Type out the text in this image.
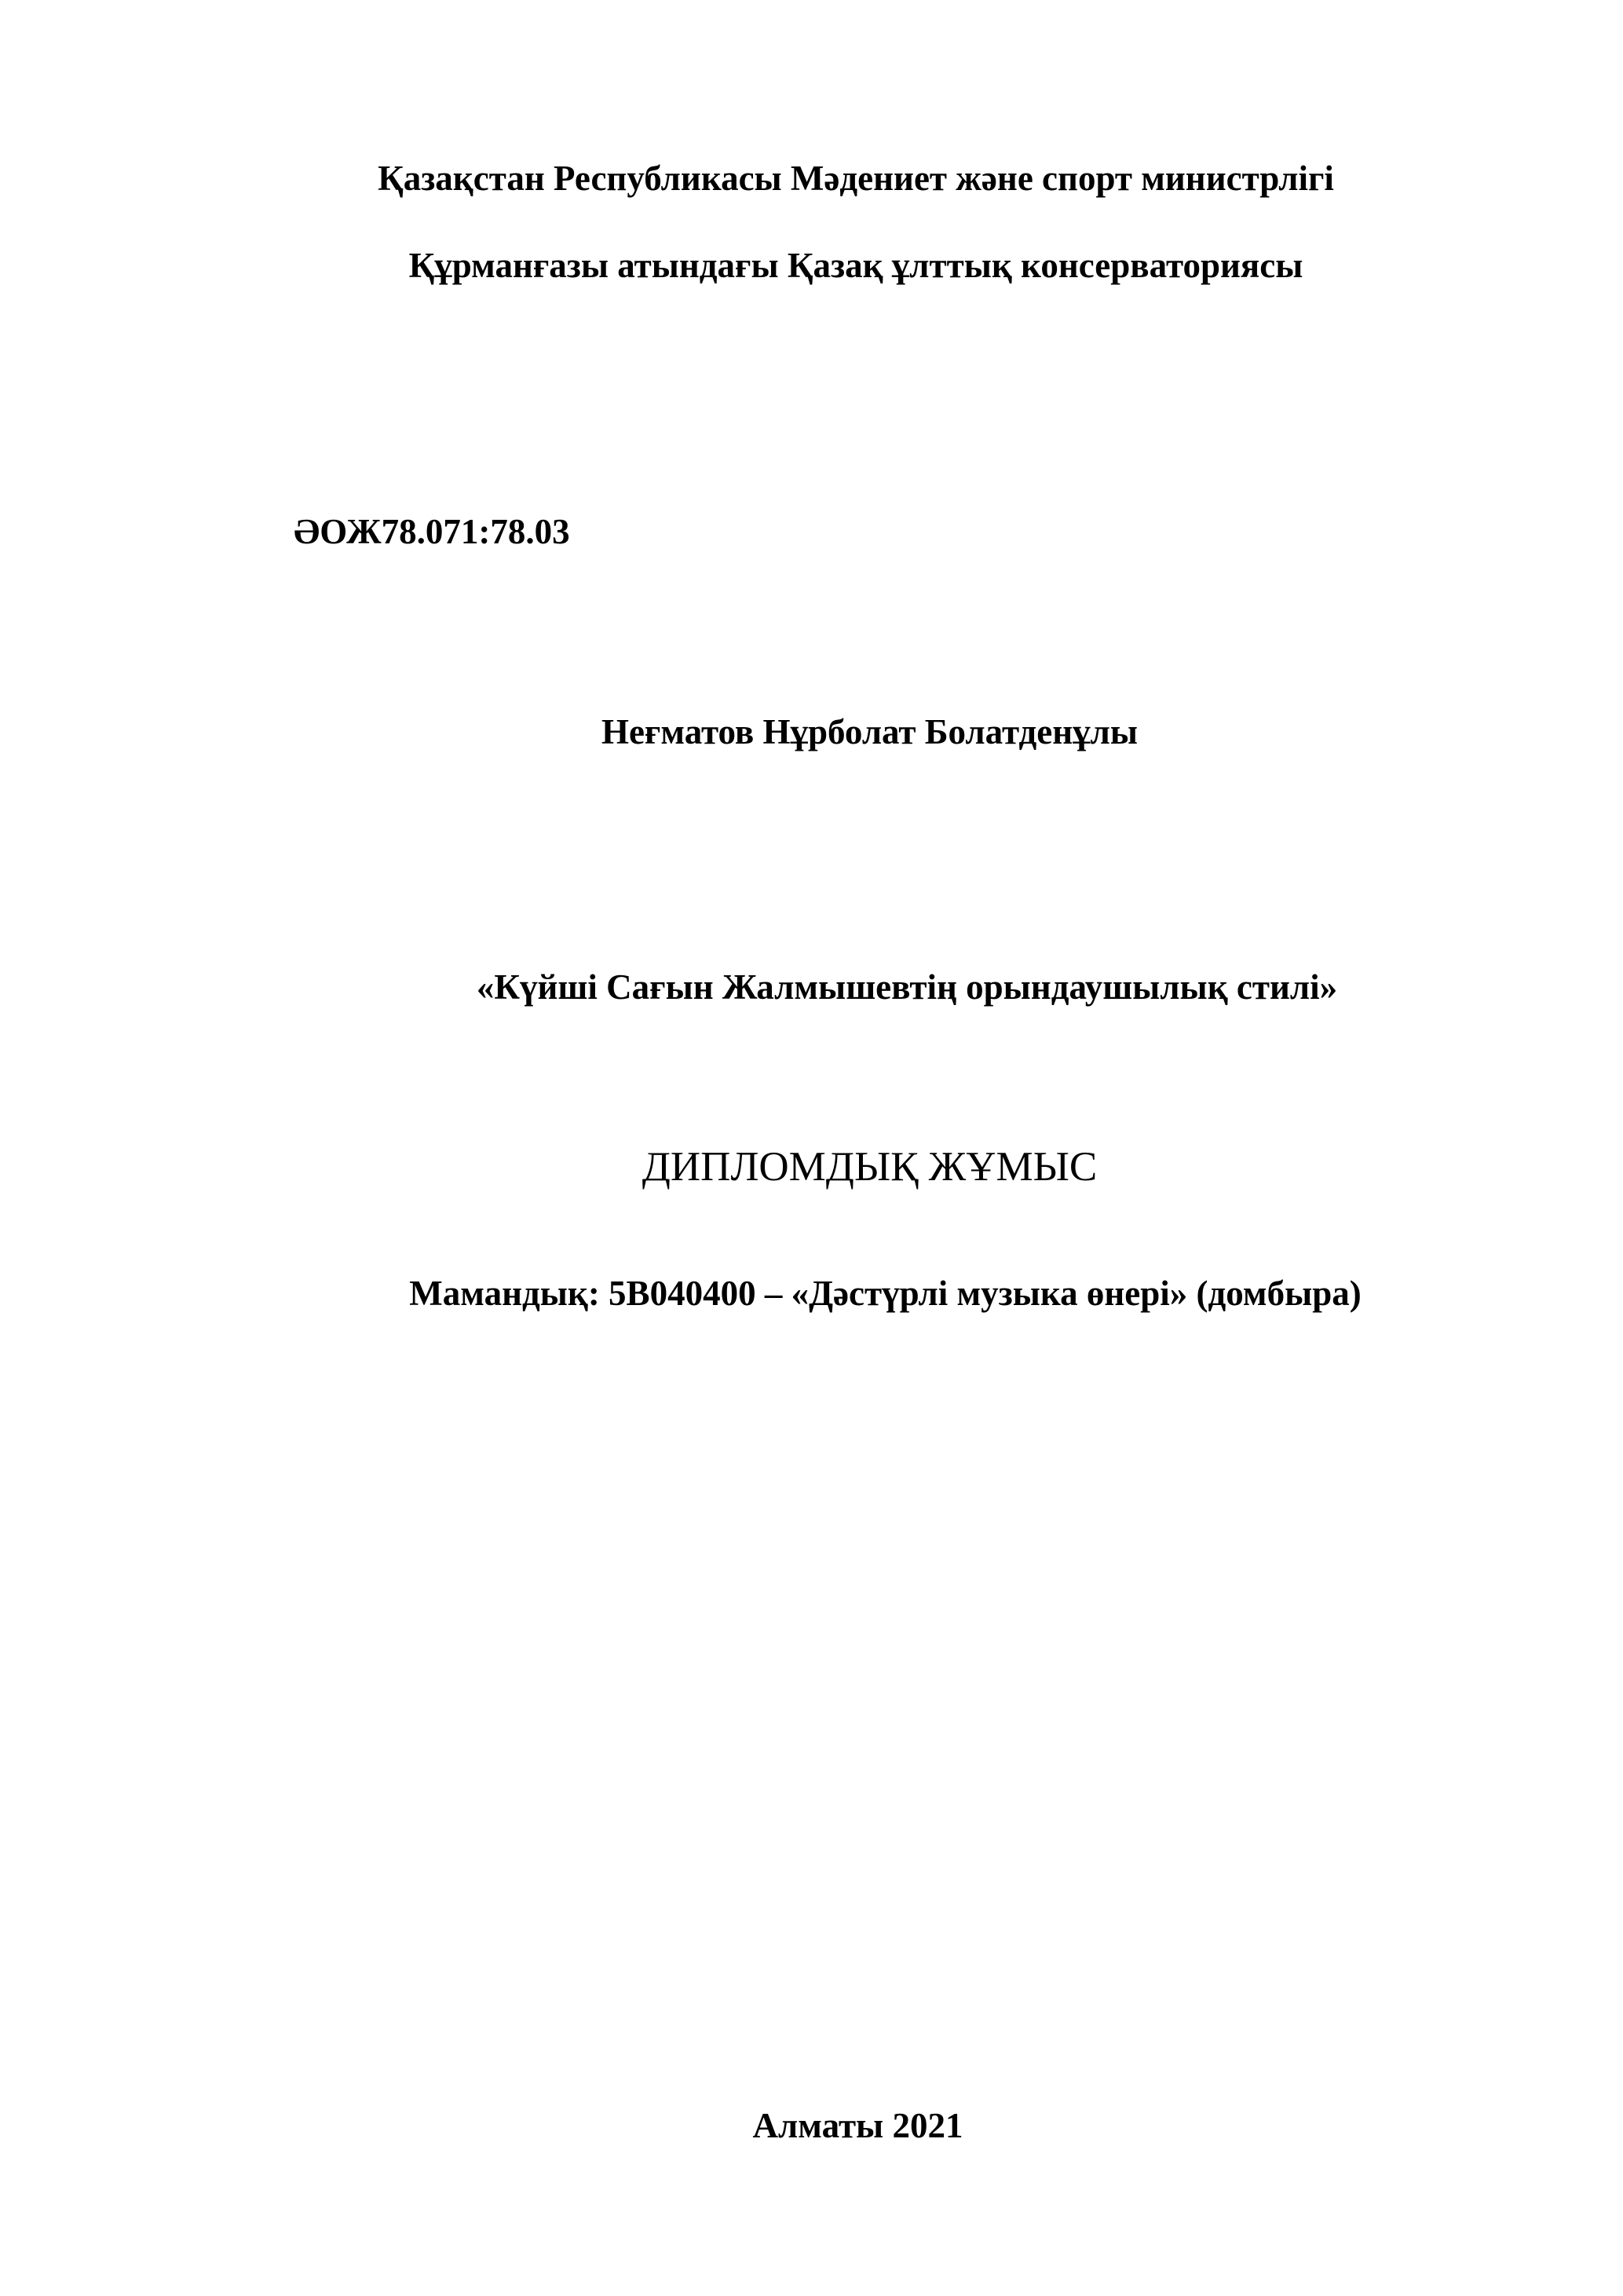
Қазақстан Республикасы Мәдениет және спорт министрлігі
Құрманғазы атындағы Қазақ ұлттық консерваториясы
ӘОЖ78.071:78.03
Неғматов Нұрболат Болатденұлы
«Күйші Сағын Жалмышевтің орындаушылық стилі»
ДИПЛОМДЫҚ ЖҰМЫС
Мамандық: 5В040400 – «Дәстүрлі музыка өнері» (домбыра)
Алматы 2021
